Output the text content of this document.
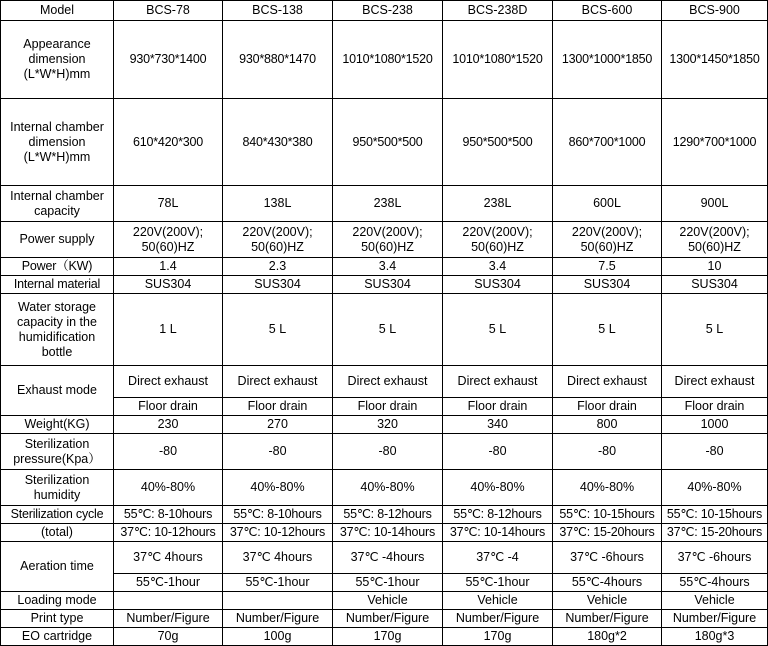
Model	BCS-78	BCS-138	BCS-238	BCS-238D	BCS-600	BCS-900
Appearance dimension (L*W*H)mm	930*730*1400	930*880*1470	1010*1080*1520	1010*1080*1520	1300*1000*1850	1300*1450*1850
Internal chamber dimension (L*W*H)mm	610*420*300	840*430*380	950*500*500	950*500*500	860*700*1000	1290*700*1000
Internal chamber capacity	78L	138L	238L	238L	600L	900L
Power supply	220V(200V); 50(60)HZ	220V(200V); 50(60)HZ	220V(200V); 50(60)HZ	220V(200V); 50(60)HZ	220V(200V); 50(60)HZ	220V(200V); 50(60)HZ
Power（KW)	1.4	2.3	3.4	3.4	7.5	10
Internal material	SUS304	SUS304	SUS304	SUS304	SUS304	SUS304
Water storage capacity in the humidification bottle	1 L	5 L	5 L	5 L	5 L	5 L
Exhaust mode	Direct exhaust	Direct exhaust	Direct exhaust	Direct exhaust	Direct exhaust	Direct exhaust
	Floor drain	Floor drain	Floor drain	Floor drain	Floor drain	Floor drain
Weight(KG)	230	270	320	340	800	1000
Sterilization pressure(Kpa）	-80	-80	-80	-80	-80	-80
Sterilization humidity	40%-80%	40%-80%	40%-80%	40%-80%	40%-80%	40%-80%
Sterilization cycle	55℃: 8-10hours	55℃: 8-10hours	55℃: 8-12hours	55℃: 8-12hours	55℃: 10-15hours	55℃: 10-15hours
(total)	37℃: 10-12hours	37℃: 10-12hours	37℃: 10-14hours	37℃: 10-14hours	37℃: 15-20hours	37℃: 15-20hours
Aeration time	37℃ 4hours	37℃ 4hours	37℃ -4hours	37℃ -4	37℃ -6hours	37℃ -6hours
	55℃-1hour	55℃-1hour	55℃-1hour	55℃-1hour	55℃-4hours	55℃-4hours
Loading mode			Vehicle	Vehicle	Vehicle	Vehicle
Print type	Number/Figure	Number/Figure	Number/Figure	Number/Figure	Number/Figure	Number/Figure
EO cartridge	70g	100g	170g	170g	180g*2	180g*3
